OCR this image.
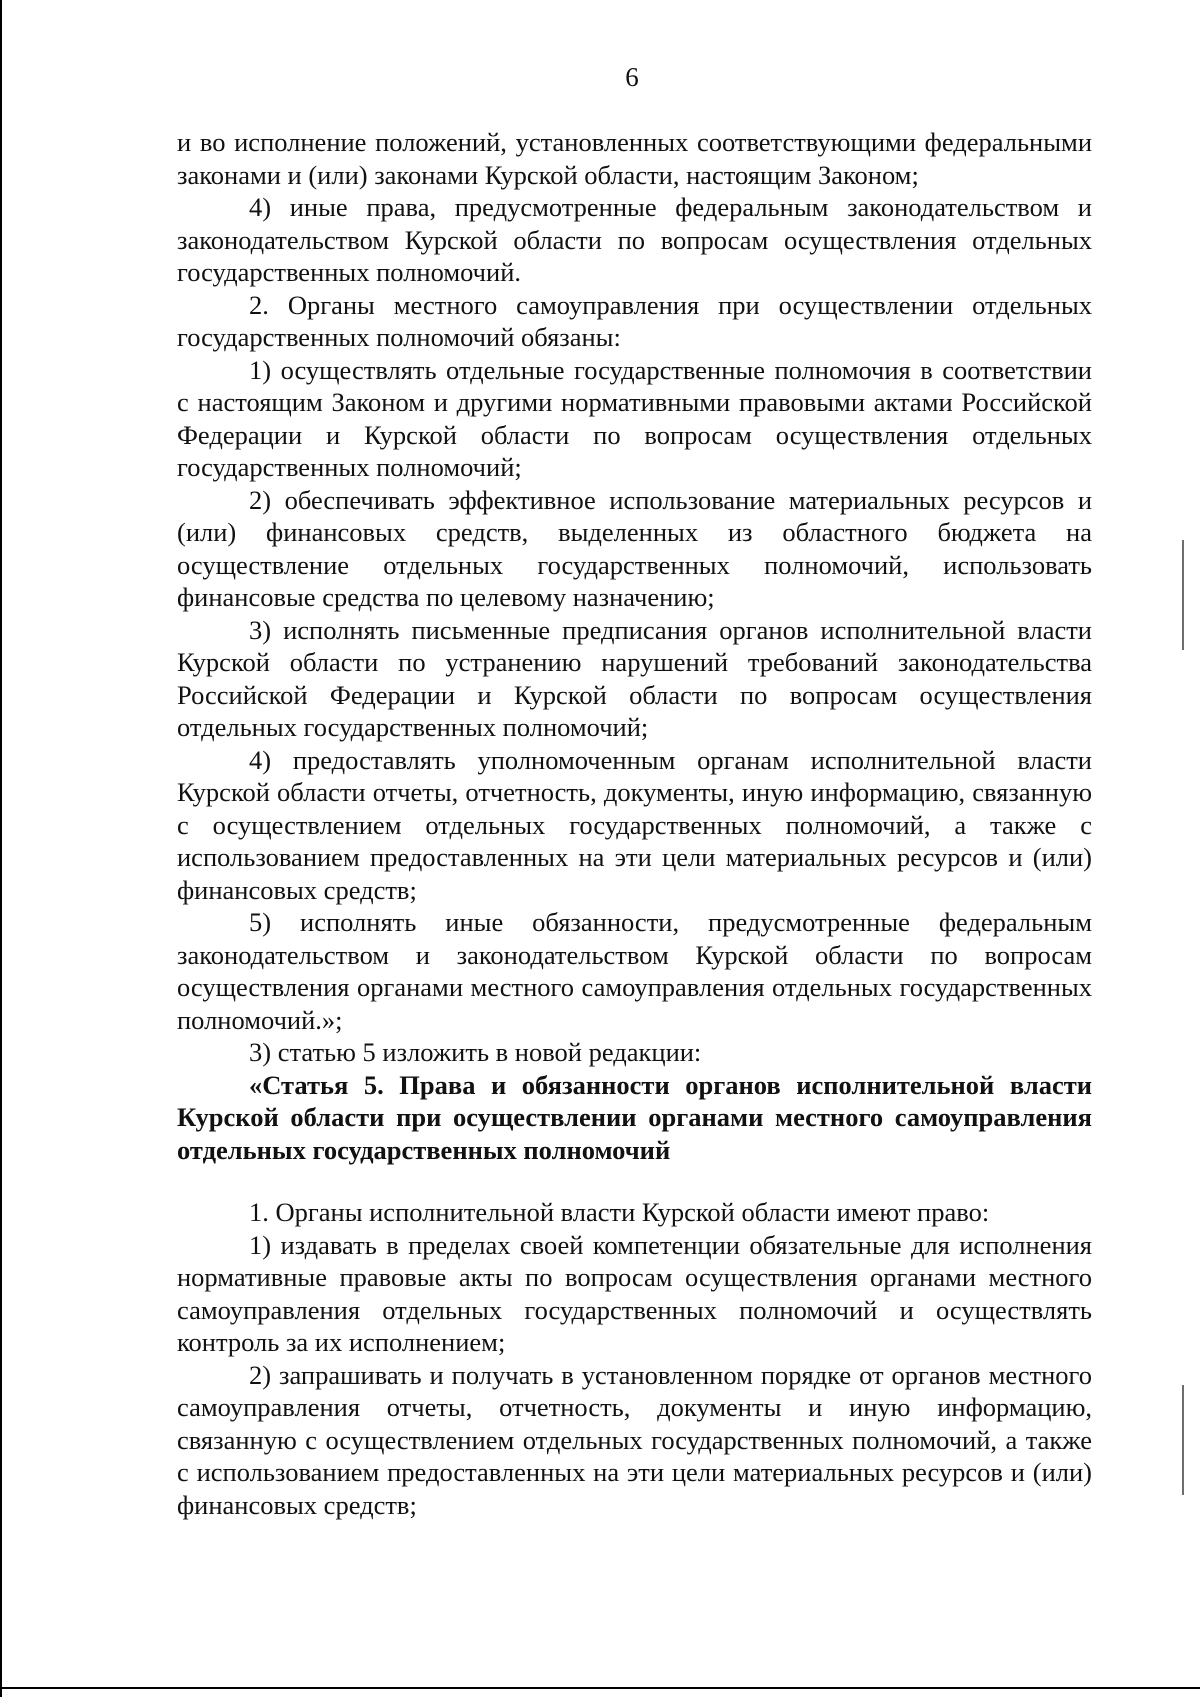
6

и во исполнение положений, установленных соответствующими федеральными законами и (или) законами Курской области, настоящим Законом;

4) иные права, предусмотренные федеральным законодательством и законодательством Курской области по вопросам осуществления отдельных государственных полномочий.

2. Органы местного самоуправления при осуществлении отдельных государственных полномочий обязаны:

1) осуществлять отдельные государственные полномочия в соответствии с настоящим Законом и другими нормативными правовыми актами Российской Федерации и Курской области по вопросам осуществления отдельных государственных полномочий;

2) обеспечивать эффективное использование материальных ресурсов и (или) финансовых средств, выделенных из областного бюджета на осуществление отдельных государственных полномочий, использовать финансовые средства по целевому назначению;

3) исполнять письменные предписания органов исполнительной власти Курской области по устранению нарушений требований законодательства Российской Федерации и Курской области по вопросам осуществления отдельных государственных полномочий;

4) предоставлять уполномоченным органам исполнительной власти Курской области отчеты, отчетность, документы, иную информацию, связанную с осуществлением отдельных государственных полномочий, а также с использованием предоставленных на эти цели материальных ресурсов и (или) финансовых средств;

5) исполнять иные обязанности, предусмотренные федеральным законодательством и законодательством Курской области по вопросам осуществления органами местного самоуправления отдельных государственных полномочий.»;

3) статью 5 изложить в новой редакции:

«Статья 5. Права и обязанности органов исполнительной власти Курской области при осуществлении органами местного самоуправления отдельных государственных полномочий

1. Органы исполнительной власти Курской области имеют право:

1) издавать в пределах своей компетенции обязательные для исполнения нормативные правовые акты по вопросам осуществления органами местного самоуправления отдельных государственных полномочий и осуществлять контроль за их исполнением;

2) запрашивать и получать в установленном порядке от органов местного самоуправления отчеты, отчетность, документы и иную информацию, связанную с осуществлением отдельных государственных полномочий, а также с использованием предоставленных на эти цели материальных ресурсов и (или) финансовых средств;
